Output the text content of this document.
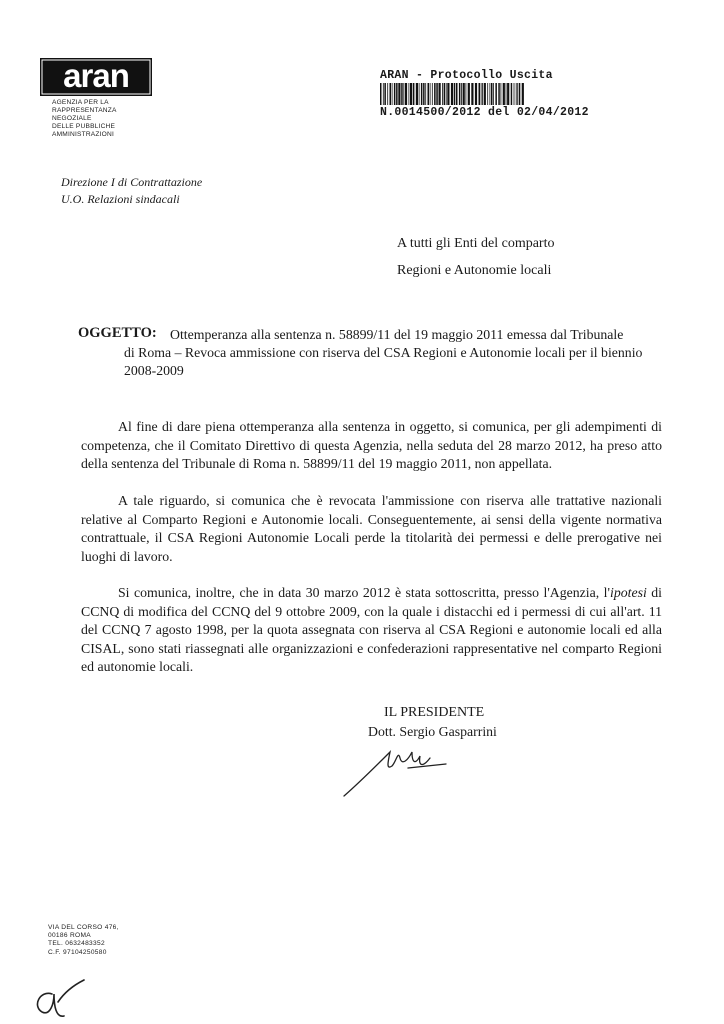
aran
AGENZIA PER LA
RAPPRESENTANZA
NEGOZIALE
DELLE PUBBLICHE
AMMINISTRAZIONI
ARAN - Protocollo Uscita
N.0014500/2012 del 02/04/2012
Direzione I di Contrattazione
U.O. Relazioni sindacali
A tutti gli Enti del comparto
Regioni e Autonomie locali
OGGETTO: Ottemperanza alla sentenza n. 58899/11 del 19 maggio 2011 emessa dal Tribunale
di Roma – Revoca ammissione con riserva del CSA Regioni e Autonomie locali per il biennio 2008-2009
Al fine di dare piena ottemperanza alla sentenza in oggetto, si comunica, per gli adempimenti di competenza, che il Comitato Direttivo di questa Agenzia, nella seduta del 28 marzo 2012, ha preso atto della sentenza del Tribunale di Roma n. 58899/11 del 19 maggio 2011, non appellata.
A tale riguardo, si comunica che è revocata l'ammissione con riserva alle trattative nazionali relative al Comparto Regioni e Autonomie locali. Conseguentemente, ai sensi della vigente normativa contrattuale, il CSA Regioni Autonomie Locali perde la titolarità dei permessi e delle prerogative nei luoghi di lavoro.
Si comunica, inoltre, che in data 30 marzo 2012 è stata sottoscritta, presso l'Agenzia, l'ipotesi di CCNQ di modifica del CCNQ del 9 ottobre 2009, con la quale i distacchi ed i permessi di cui all'art. 11 del CCNQ 7 agosto 1998, per la quota assegnata con riserva al CSA Regioni e autonomie locali ed alla CISAL, sono stati riassegnati alle organizzazioni e confederazioni rappresentative nel comparto Regioni ed autonomie locali.
IL PRESIDENTE
Dott. Sergio Gasparrini
VIA DEL CORSO 476,
00186 ROMA
TEL. 0632483352
C.F. 97104250580
